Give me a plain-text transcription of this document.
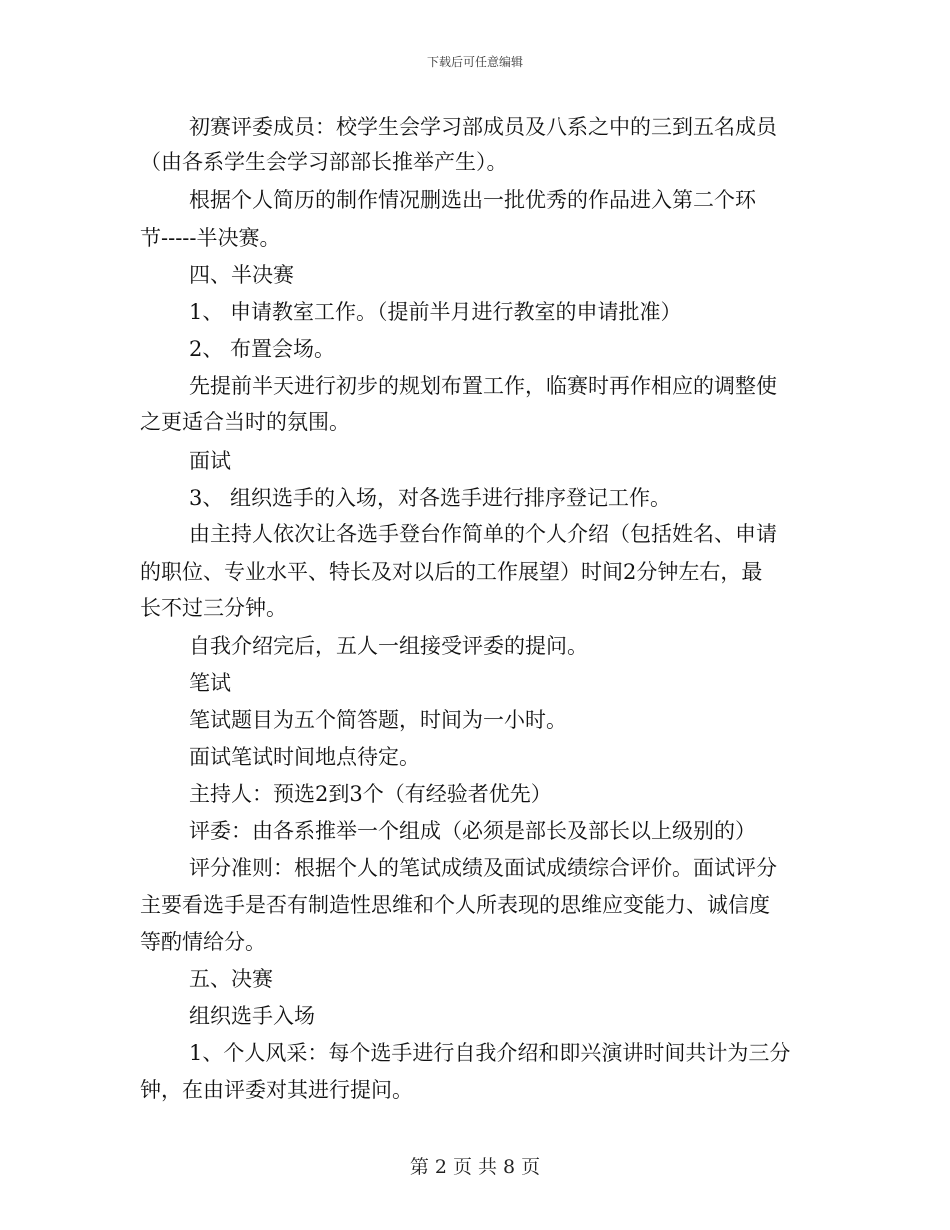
下载后可任意编辑
初赛评委成员：校学生会学习部成员及八系之中的三到五名成员
（由各系学生会学习部部长推举产生）。
根据个人简历的制作情况删选出一批优秀的作品进入第二个环
节-----半决赛。
四、半决赛
1、 申请教室工作。（提前半月进行教室的申请批准）
2、 布置会场。
先提前半天进行初步的规划布置工作，临赛时再作相应的调整使
之更适合当时的氛围。
面试
3、 组织选手的入场，对各选手进行排序登记工作。
由主持人依次让各选手登台作简单的个人介绍（包括姓名、申请
的职位、专业水平、特长及对以后的工作展望）时间2分钟左右，最
长不过三分钟。
自我介绍完后，五人一组接受评委的提问。
笔试
笔试题目为五个简答题，时间为一小时。
面试笔试时间地点待定。
主持人：预选2到3个（有经验者优先）
评委：由各系推举一个组成（必须是部长及部长以上级别的）
评分准则：根据个人的笔试成绩及面试成绩综合评价。面试评分
主要看选手是否有制造性思维和个人所表现的思维应变能力、诚信度
等酌情给分。
五、决赛
组织选手入场
1、个人风采：每个选手进行自我介绍和即兴演讲时间共计为三分
钟，在由评委对其进行提问。
第 2 页 共 8 页
